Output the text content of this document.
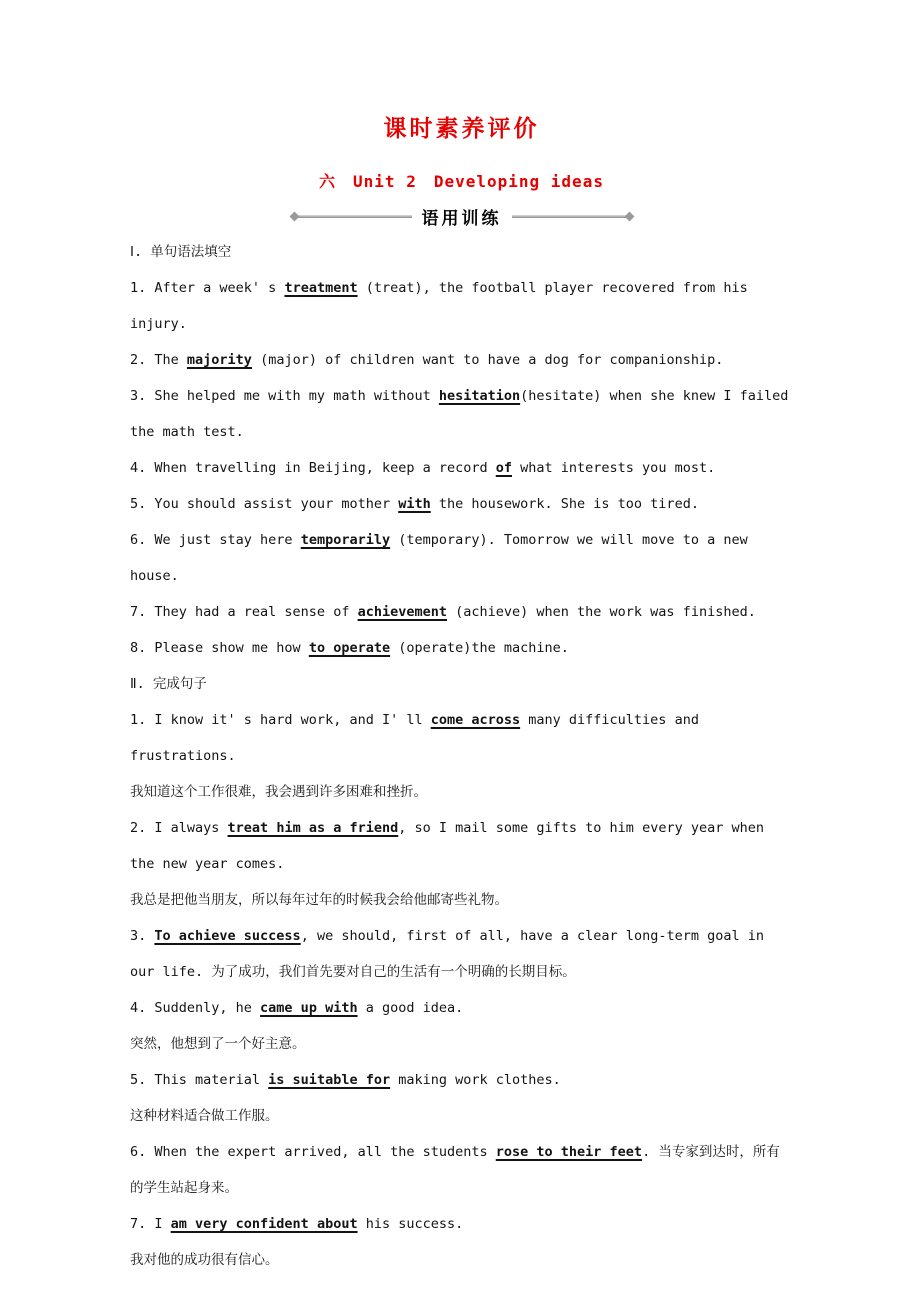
课时素养评价
六　Unit 2　Developing ideas
语用训练
Ⅰ. 单句语法填空
1. After a week' s treatment (treat), the football player recovered from his injury.
2. The majority (major) of children want to have a dog for companionship.
3. She helped me with my math without hesitation(hesitate) when she knew I failed the math test.
4. When travelling in Beijing, keep a record of what interests you most.
5. You should assist your mother with the housework. She is too tired.
6. We just stay here temporarily (temporary). Tomorrow we will move to a new house.
7. They had a real sense of achievement (achieve) when the work was finished.
8. Please show me how to operate (operate)the machine.
Ⅱ. 完成句子
1. I know it' s hard work, and I' ll come across many difficulties and frustrations.
我知道这个工作很难，我会遇到许多困难和挫折。
2. I always treat him as a friend, so I mail some gifts to him every year when the new year comes.
我总是把他当朋友，所以每年过年的时候我会给他邮寄些礼物。
3. To achieve success, we should, first of all, have a clear long-term goal in our life. 为了成功，我们首先要对自己的生活有一个明确的长期目标。
4. Suddenly, he came up with a good idea.
突然，他想到了一个好主意。
5. This material is suitable for making work clothes.
这种材料适合做工作服。
6. When the expert arrived, all the students rose to their feet. 当专家到达时，所有的学生站起身来。
7. I am very confident about his success.
我对他的成功很有信心。
